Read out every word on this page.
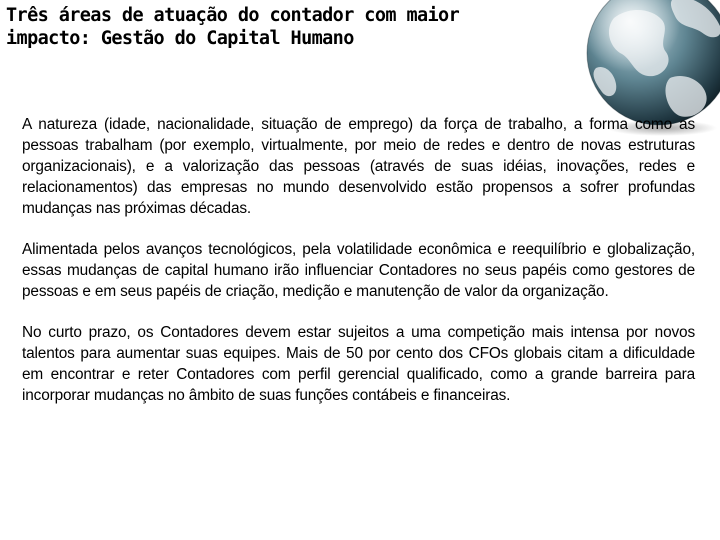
Três áreas de atuação do contador com maior
impacto: Gestão do Capital Humano

A natureza (idade, nacionalidade, situação de emprego) da força de trabalho, a forma como as pessoas trabalham (por exemplo, virtualmente, por meio de redes e dentro de novas estruturas organizacionais), e a valorização das pessoas (através de suas idéias, inovações, redes e relacionamentos) das empresas no mundo desenvolvido estão propensos a sofrer profundas mudanças nas próximas décadas.

Alimentada pelos avanços tecnológicos, pela volatilidade econômica e reequilíbrio e globalização, essas mudanças de capital humano irão influenciar Contadores no seus papéis como gestores de pessoas e em seus papéis de criação, medição e manutenção de valor da organização.

No curto prazo, os Contadores devem estar sujeitos a uma competição mais intensa por novos talentos para aumentar suas equipes. Mais de 50 por cento dos CFOs globais citam a dificuldade em encontrar e reter Contadores com perfil gerencial qualificado, como a grande barreira para incorporar mudanças no âmbito de suas funções contábeis e financeiras.
